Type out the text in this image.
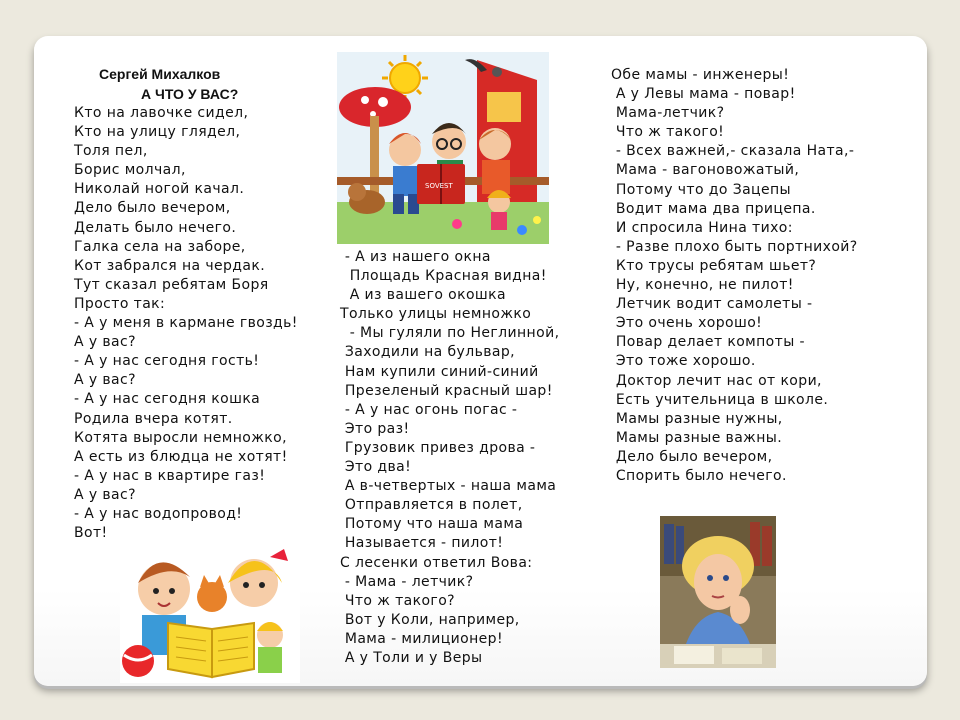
Сергей Михалков
А ЧТО У ВАС?
Кто на лавочке сидел,
Кто на улицу глядел,
Толя пел,
Борис молчал,
Николай ногой качал.
Дело было вечером,
Делать было нечего.
Галка села на заборе,
Кот забрался на чердак.
Тут сказал ребятам Боря
Просто так:
- А у меня в кармане гвоздь!
А у вас?
- А у нас сегодня гость!
А у вас?
- А у нас сегодня кошка
Родила вчера котят.
Котята выросли немножко,
А есть из блюдца не хотят!
- А у нас в квартире газ!
А у вас?
- А у нас водопровод!
Вот!
- А из нашего окна
Площадь Красная видна!
А из вашего окошка
Только улицы немножко
- Мы гуляли по Неглинной,
Заходили на бульвар,
Нам купили синий-синий
Презеленый красный шар!
- А у нас огонь погас -
Это раз!
Грузовик привез дрова -
Это два!
А в-четвертых - наша мама
Отправляется в полет,
Потому что наша мама
Называется - пилот!
С лесенки ответил Вова:
- Мама - летчик?
Что ж такого?
Вот у Коли, например,
Мама - милиционер!
А у Толи и у Веры
Обе мамы - инженеры!
А у Левы мама - повар!
Мама-летчик?
Что ж такого!
- Всех важней,- сказала Ната,-
Мама - вагоновожатый,
Потому что до Зацепы
Водит мама два прицепа.
И спросила Нина тихо:
- Разве плохо быть портнихой?
Кто трусы ребятам шьет?
Ну, конечно, не пилот!
Летчик водит самолеты -
Это очень хорошо!
Повар делает компоты -
Это тоже хорошо.
Доктор лечит нас от кори,
Есть учительница в школе.
Мамы разные нужны,
Мамы разные важны.
Дело было вечером,
Спорить было нечего.
SOVEST
